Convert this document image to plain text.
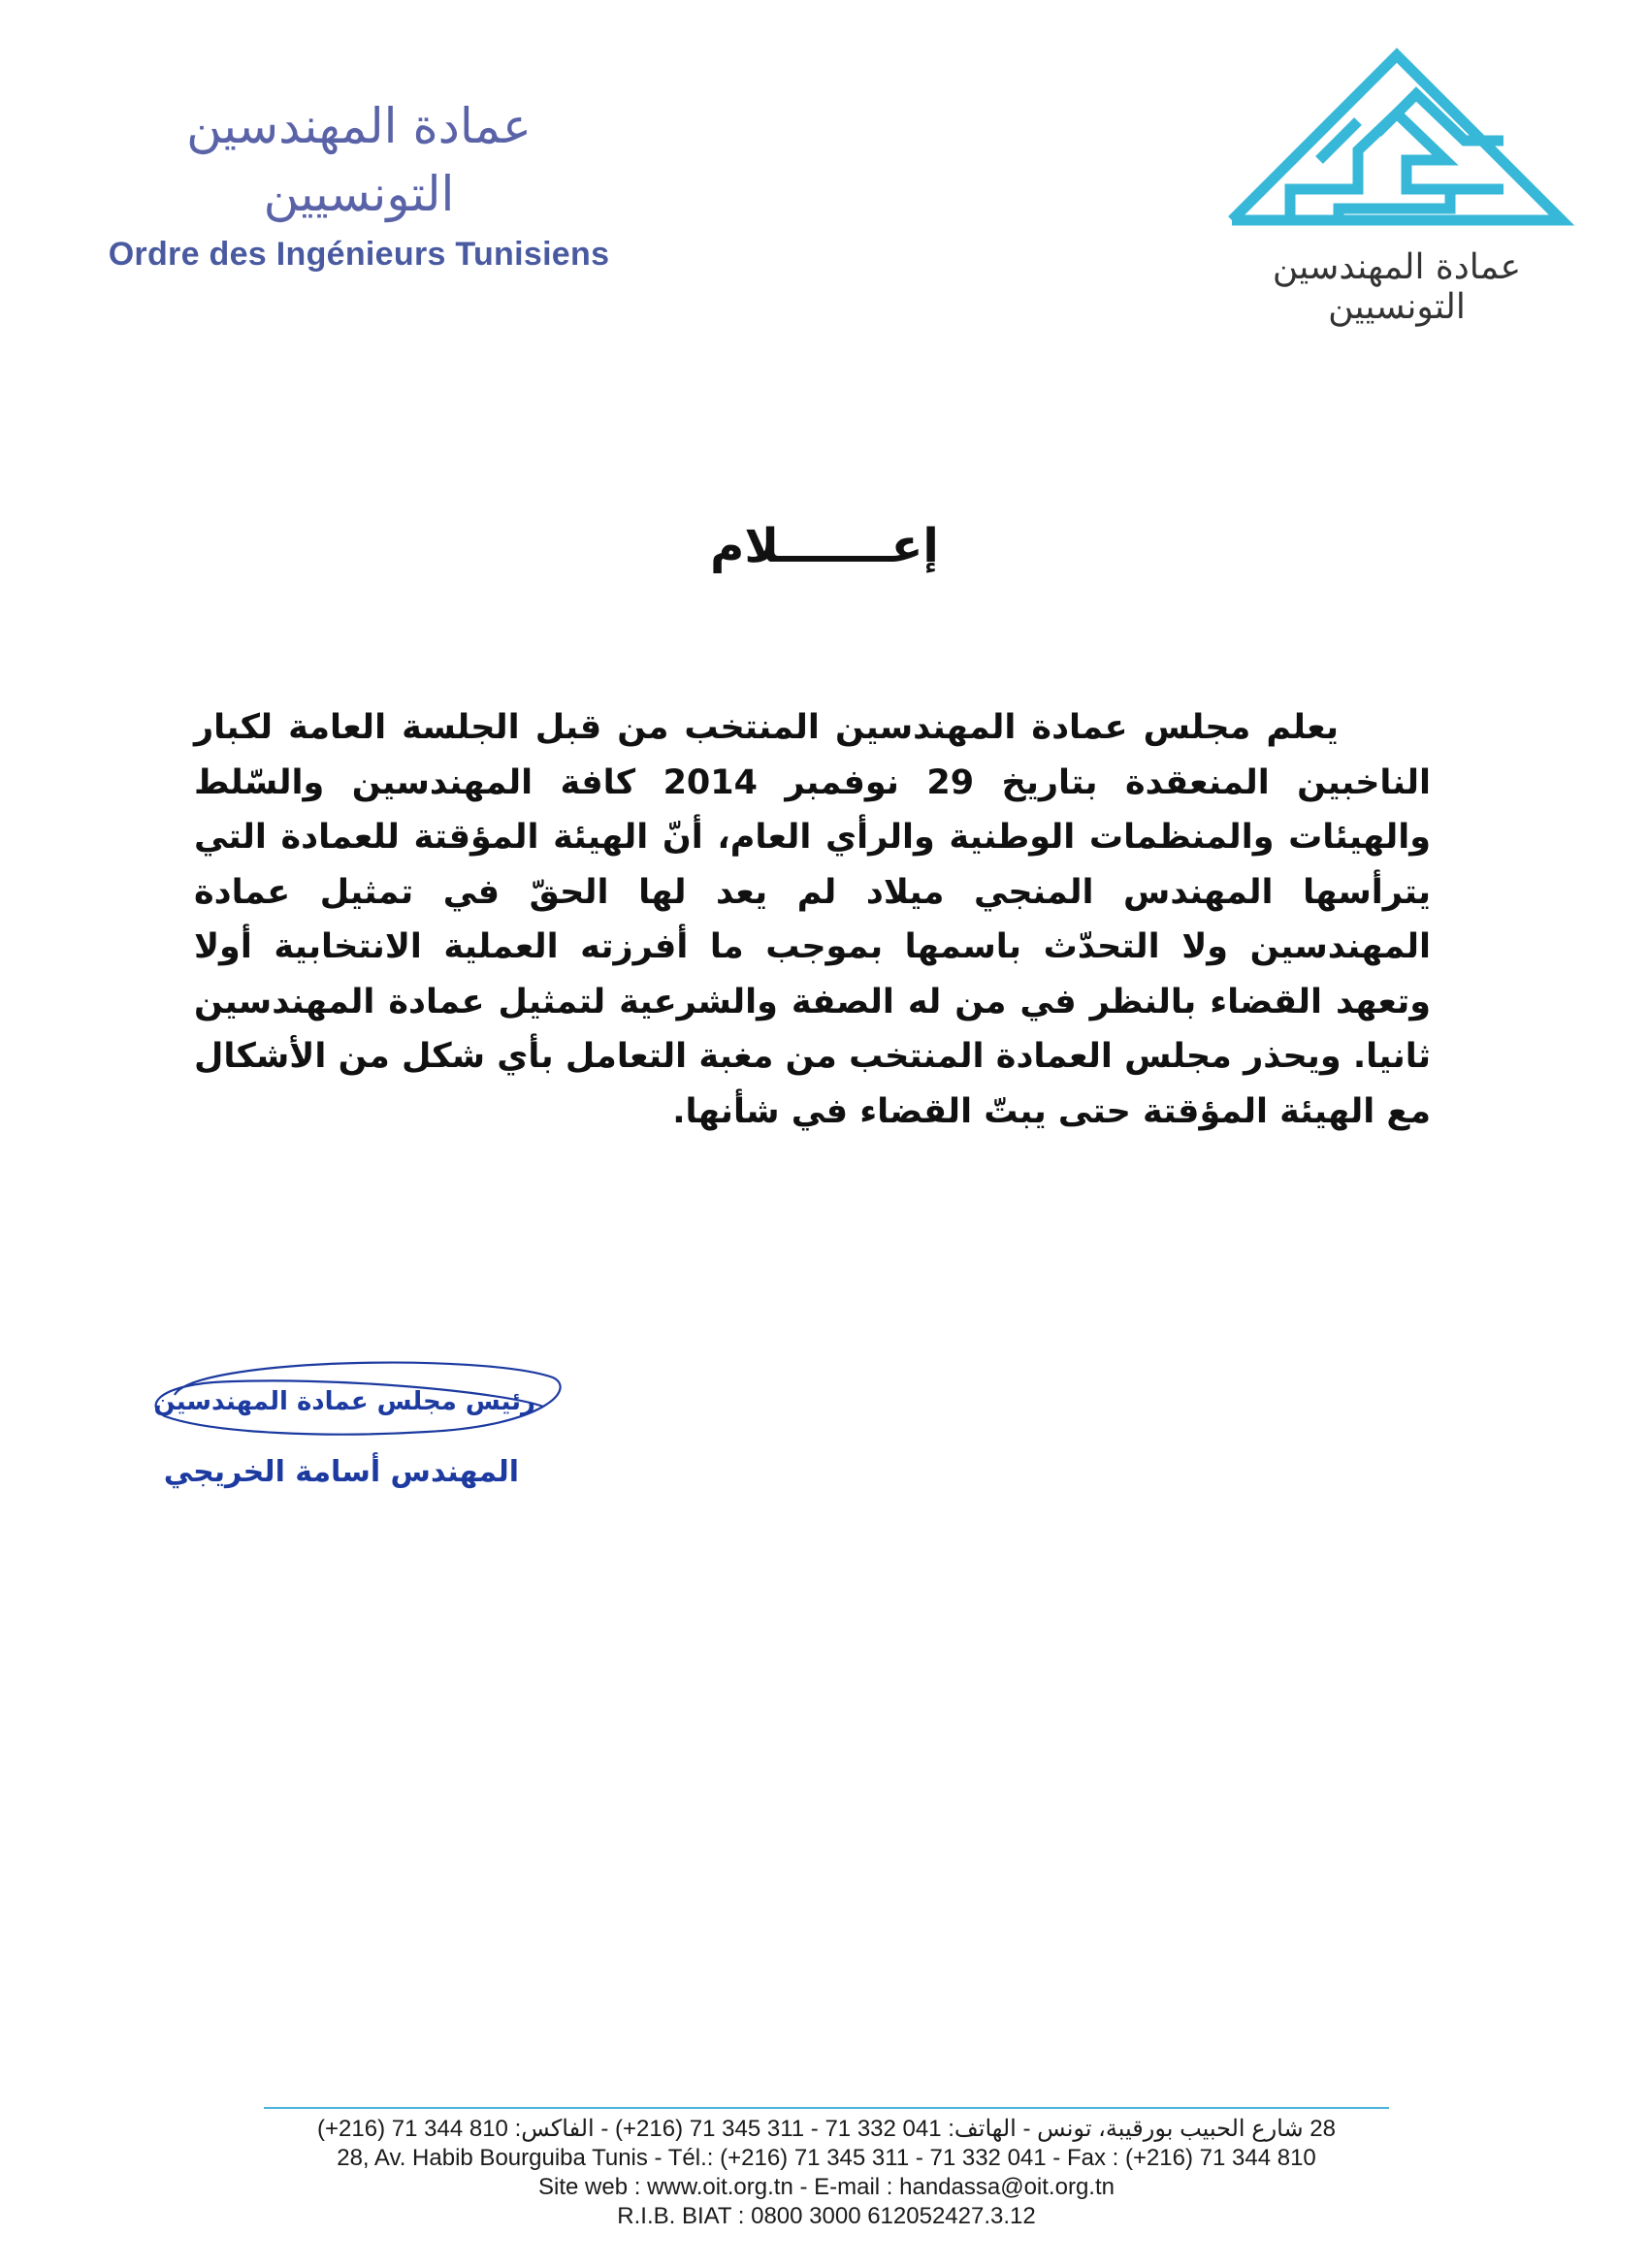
عمادة المهندسين التونسيين
Ordre des Ingénieurs Tunisiens	عمادة المهندسين التونسيين
إعـــــــلام
يعلم مجلس عمادة المهندسين المنتخب من قبل الجلسة العامة لكبار الناخبين المنعقدة بتاريخ 29 نوفمبر 2014 كافة المهندسين والسّلط والهيئات والمنظمات الوطنية والرأي العام، أنّ الهيئة المؤقتة للعمادة التي يترأسها المهندس المنجي ميلاد لم يعد لها الحقّ في تمثيل عمادة المهندسين ولا التحدّث باسمها بموجب ما أفرزته العملية الانتخابية أولا وتعهد القضاء بالنظر في من له الصفة والشرعية لتمثيل عمادة المهندسين ثانيا. ويحذر مجلس العمادة المنتخب من مغبة التعامل بأي شكل من الأشكال مع الهيئة المؤقتة حتى يبتّ القضاء في شأنها.
رئيس مجلس عمادة المهندسين
المهندس أسامة الخريجي
28 شارع الحبيب بورقيبة، تونس - الهاتف: 041 332 71 - 311 345 71 (216+) - الفاكس: 810 344 71 (216+)
28, Av. Habib Bourguiba Tunis - Tél.: (+216) 71 345 311 - 71 332 041 - Fax : (+216) 71 344 810
Site web : www.oit.org.tn - E-mail : handassa@oit.org.tn
R.I.B. BIAT : 0800 3000 612052427.3.12
